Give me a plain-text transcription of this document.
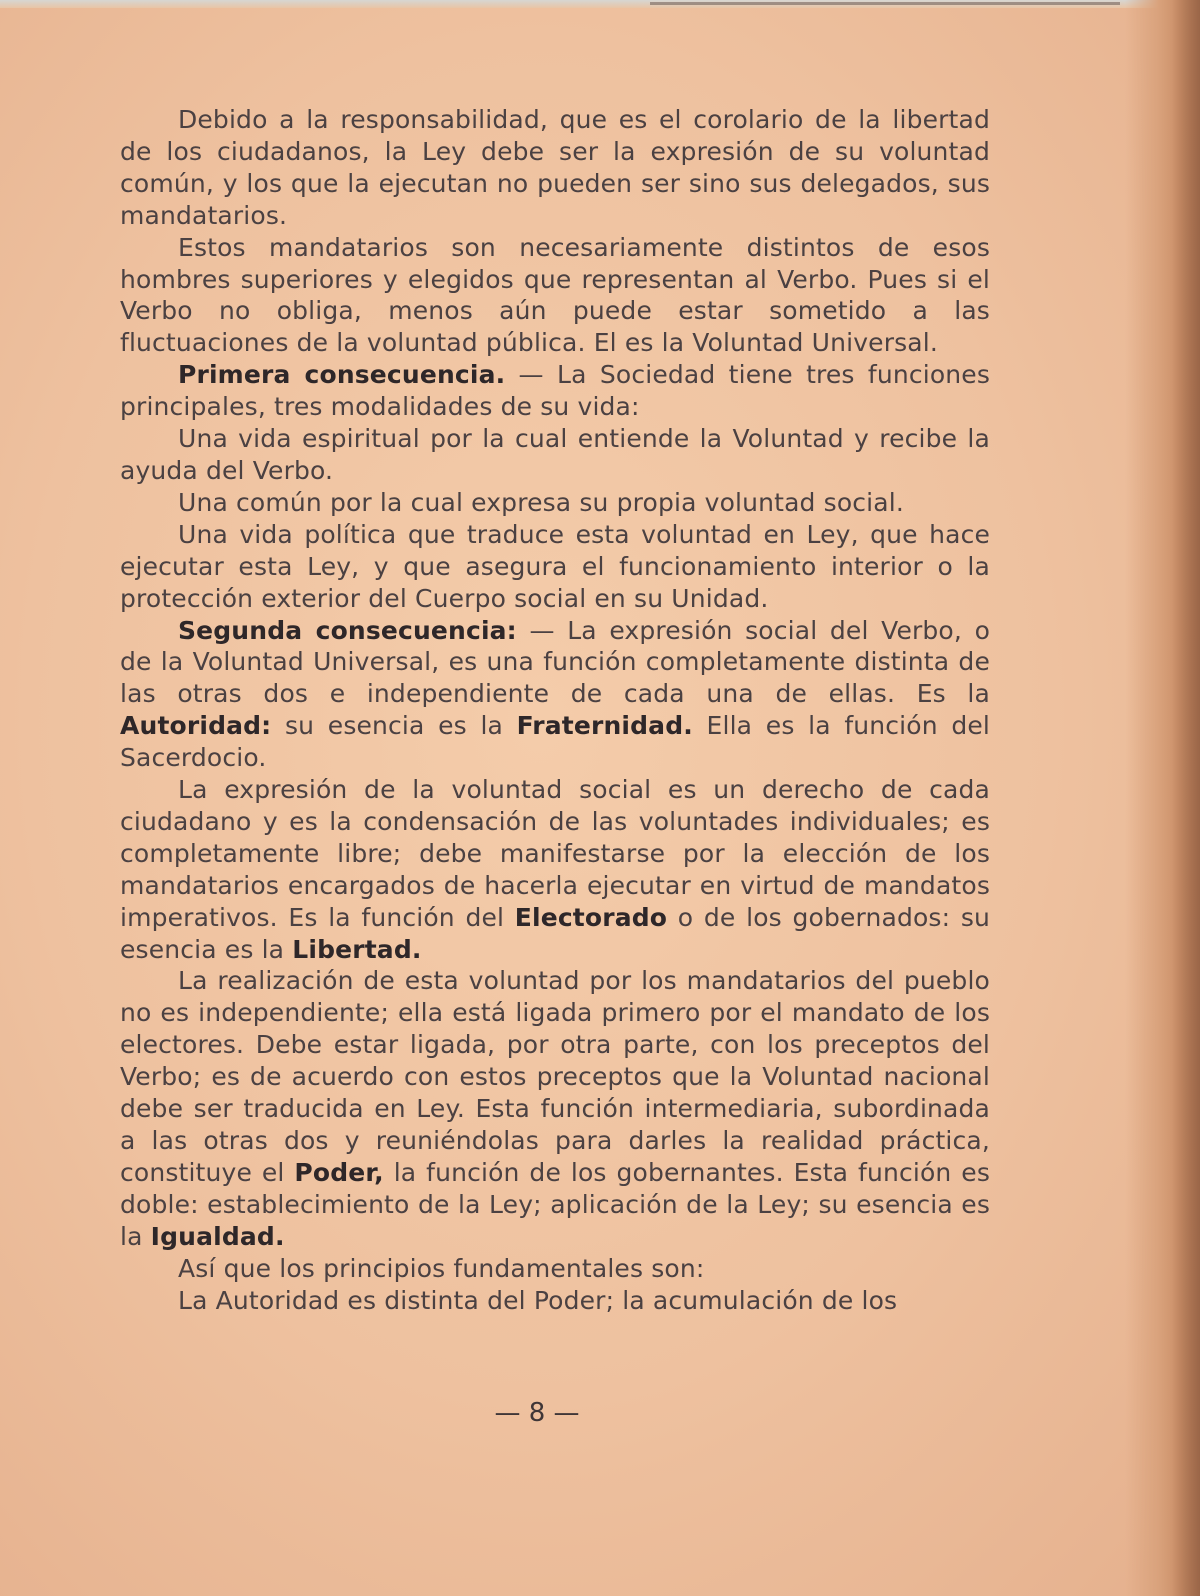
Debido a la responsabilidad, que es el corolario de la libertad de los ciudadanos, la Ley debe ser la expresión de su voluntad común, y los que la ejecutan no pueden ser sino sus delegados, sus mandatarios.

Estos mandatarios son necesariamente distintos de esos hombres superiores y elegidos que representan al Verbo. Pues si el Verbo no obliga, menos aún puede estar sometido a las fluctuaciones de la voluntad pública. El es la Voluntad Universal.

Primera consecuencia. — La Sociedad tiene tres funciones principales, tres modalidades de su vida:

Una vida espiritual por la cual entiende la Voluntad y recibe la ayuda del Verbo.

Una común por la cual expresa su propia voluntad social.

Una vida política que traduce esta voluntad en Ley, que hace ejecutar esta Ley, y que asegura el funcionamiento interior o la protección exterior del Cuerpo social en su Unidad.

Segunda consecuencia: — La expresión social del Verbo, o de la Voluntad Universal, es una función completamente distinta de las otras dos e independiente de cada una de ellas. Es la Autoridad: su esencia es la Fraternidad. Ella es la función del Sacerdocio.

La expresión de la voluntad social es un derecho de cada ciudadano y es la condensación de las voluntades individuales; es completamente libre; debe manifestarse por la elección de los mandatarios encargados de hacerla ejecutar en virtud de mandatos imperativos. Es la función del Electorado o de los gobernados: su esencia es la Libertad.

La realización de esta voluntad por los mandatarios del pueblo no es independiente; ella está ligada primero por el mandato de los electores. Debe estar ligada, por otra parte, con los preceptos del Verbo; es de acuerdo con estos preceptos que la Voluntad nacional debe ser traducida en Ley. Esta función intermediaria, subordinada a las otras dos y reuniéndolas para darles la realidad práctica, constituye el Poder, la función de los gobernantes. Esta función es doble: establecimiento de la Ley; aplicación de la Ley; su esencia es la Igualdad.

Así que los principios fundamentales son:

La Autoridad es distinta del Poder; la acumulación de los

— 8 —
